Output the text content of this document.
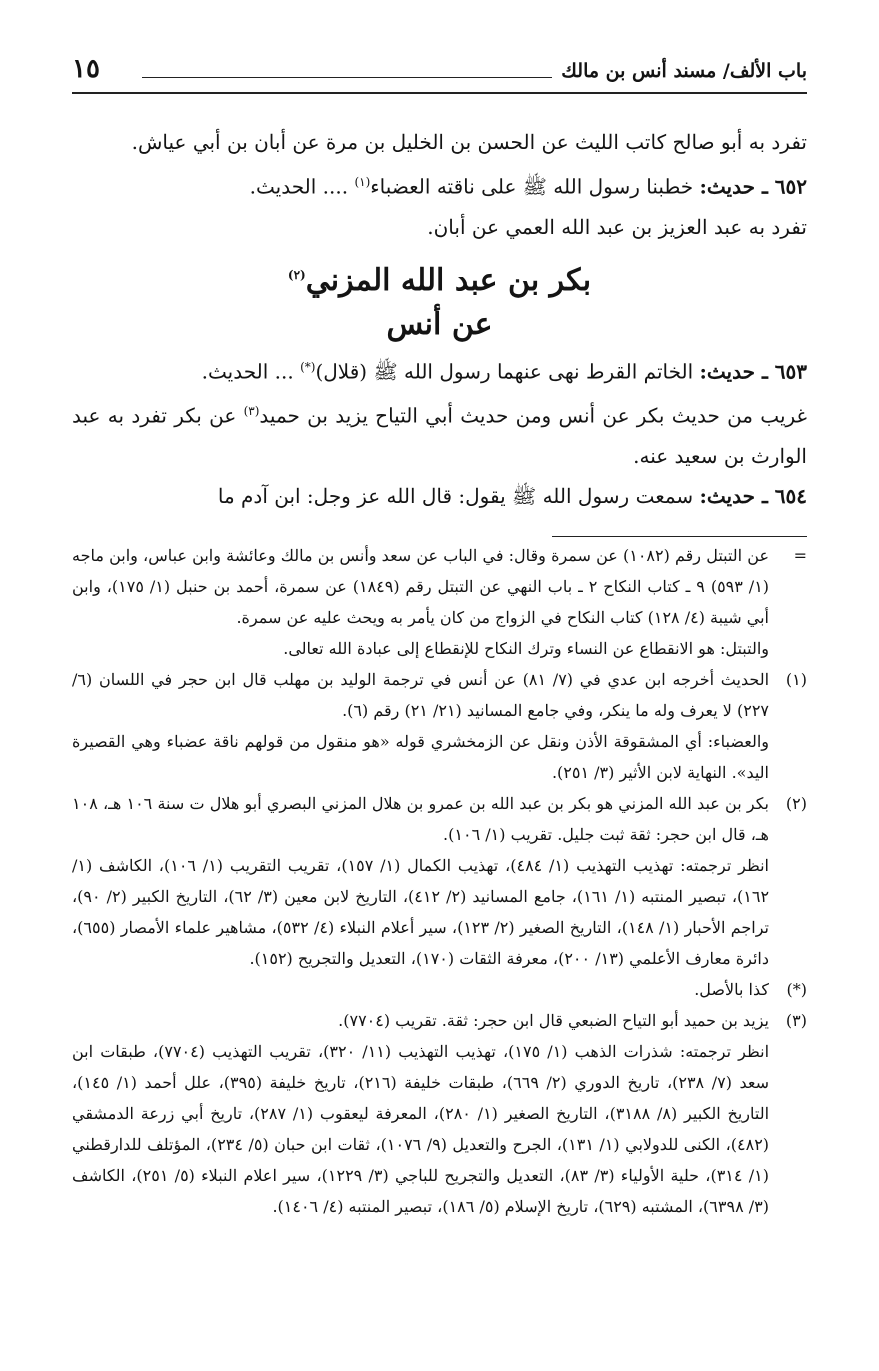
باب الألف/ مسند أنس بن مالك
١٥

تفرد به أبو صالح كاتب الليث عن الحسن بن الخليل بن مرة عن أبان بن أبي عياش.

٦٥٢ ـ حديث: خطبنا رسول الله ﷺ على ناقته العضباء$^{(١)}$ .... الحديث.

تفرد به عبد العزيز بن عبد الله العمي عن أبان.

بكر بن عبد الله المزني$^{(٢)}$

عن أنس

٦٥٣ ـ حديث: الخاتم القرط نهى عنهما رسول الله ﷺ (قلال)(*) ... الحديث.

غريب من حديث بكر عن أنس ومن حديث أبي التياح يزيد بن حميد$^{(٣)}$ عن بكر تفرد به عبد الوارث بن سعيد عنه.

٦٥٤ ـ حديث: سمعت رسول الله ﷺ يقول: قال الله عز وجل: ابن آدم ما

=
عن التبتل رقم (١٠٨٢) عن سمرة وقال: في الباب عن سعد وأنس بن مالك وعائشة وابن عباس، وابن ماجه (١/ ٥٩٣) ٩ ـ كتاب النكاح ٢ ـ باب النهي عن التبتل رقم (١٨٤٩) عن سمرة، أحمد بن حنبل (١/ ١٧٥)، وابن أبي شيبة (٤/ ١٢٨) كتاب النكاح في الزواج من كان يأمر به ويحث عليه عن سمرة.
والتبتل: هو الانقطاع عن النساء وترك النكاح للإنقطاع إلى عبادة الله تعالى.
(١)
الحديث أخرجه ابن عدي في (٧/ ٨١) عن أنس في ترجمة الوليد بن مهلب قال ابن حجر في اللسان (٦/ ٢٢٧) لا يعرف وله ما ينكر، وفي جامع المسانيد (٢١/ ٢١) رقم (٦).
والعضباء: أي المشقوقة الأذن ونقل عن الزمخشري قوله «هو منقول من قولهم ناقة عضباء وهي القصيرة اليد». النهاية لابن الأثير (٣/ ٢٥١).
(٢)
بكر بن عبد الله المزني هو بكر بن عبد الله بن عمرو بن هلال المزني البصري أبو هلال ت سنة ١٠٦ هـ، ١٠٨ هـ، قال ابن حجر: ثقة ثبت جليل. تقريب (١/ ١٠٦).
انظر ترجمته: تهذيب التهذيب (١/ ٤٨٤)، تهذيب الكمال (١/ ١٥٧)، تقريب التقريب (١/ ١٠٦)، الكاشف (١/ ١٦٢)، تبصير المنتبه (١/ ١٦١)، جامع المسانيد (٢/ ٤١٢)، التاريخ لابن معين (٣/ ٦٢)، التاريخ الكبير (٢/ ٩٠)، تراجم الأحبار (١/ ١٤٨)، التاريخ الصغير (٢/ ١٢٣)، سير أعلام النبلاء (٤/ ٥٣٢)، مشاهير علماء الأمصار (٦٥٥)، دائرة معارف الأعلمي (١٣/ ٢٠٠)، معرفة الثقات (١٧٠)، التعديل والتجريح (١٥٢).
(*)
كذا بالأصل.
(٣)
يزيد بن حميد أبو التياح الضبعي قال ابن حجر: ثقة. تقريب (٧٧٠٤).
انظر ترجمته: شذرات الذهب (١/ ١٧٥)، تهذيب التهذيب (١١/ ٣٢٠)، تقريب التهذيب (٧٧٠٤)، طبقات ابن سعد (٧/ ٢٣٨)، تاريخ الدوري (٢/ ٦٦٩)، طبقات خليفة (٢١٦)، تاريخ خليفة (٣٩٥)، علل أحمد (١/ ١٤٥)، التاريخ الكبير (٨/ ٣١٨٨)، التاريخ الصغير (١/ ٢٨٠)، المعرفة ليعقوب (١/ ٢٨٧)، تاريخ أبي زرعة الدمشقي (٤٨٢)، الكنى للدولابي (١/ ١٣١)، الجرح والتعديل (٩/ ١٠٧٦)، ثقات ابن حبان (٥/ ٢٣٤)، المؤتلف للدارقطني (١/ ٣١٤)، حلية الأولياء (٣/ ٨٣)، التعديل والتجريح للباجي (٣/ ١٢٢٩)، سير اعلام النبلاء (٥/ ٢٥١)، الكاشف (٣/ ٦٣٩٨)، المشتبه (٦٢٩)، تاريخ الإسلام (٥/ ١٨٦)، تبصير المنتبه (٤/ ١٤٠٦).
